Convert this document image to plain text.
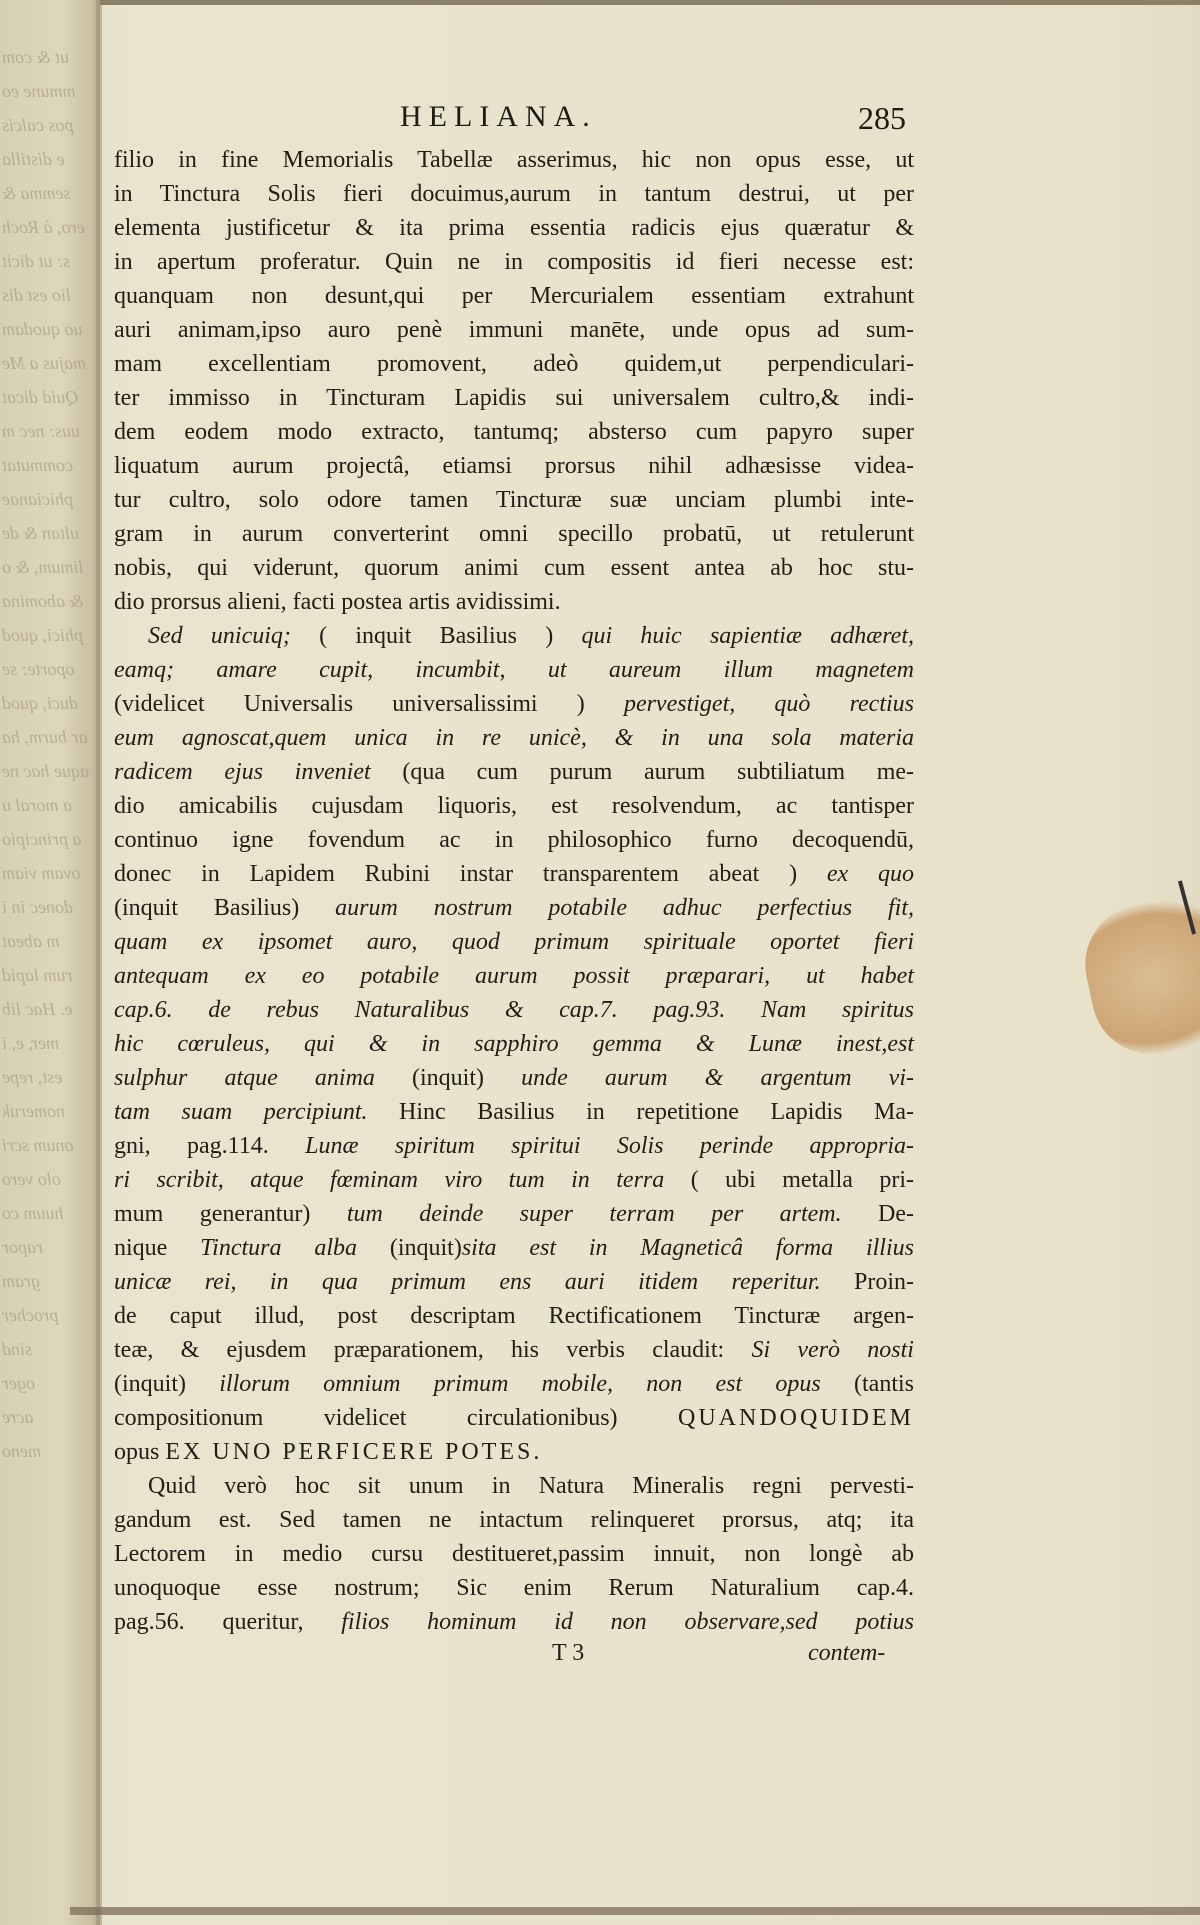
ut & com
mmune eo
pos calcis
e distilla
semma &
ero, à Roch
s: ut dicit
lio est dis
uo quodam
majus a Me
Quid dicat
uus: nec m
commutat
phicianae
ultan & de
limum, & o
& abomina
phici, quod
oporte: se
duci, quod
ar burm, ha
aque hac ne
a moral u
a principio
ovam viam
donec in i
m abeat
rum lapid
e. Hac lib
mer, e, i
est, repe
nomeruk
onum scri
olo vero
huum co
rapor
gram
procher
sind
oger
acre
meno
HELIANA.	285
filio in fine Memorialis Tabellæ asserimus, hic non opus esse, ut
in Tinctura Solis fieri docuimus,aurum in tantum destrui, ut per
elementa justificetur & ita prima essentia radicis ejus quæratur &
in apertum proferatur. Quin ne in compositis id fieri necesse est:
quanquam non desunt,qui per Mercurialem essentiam extrahunt
auri animam,ipso auro penè immuni manēte, unde opus ad sum-
mam excellentiam promovent, adeò quidem,ut perpendiculari-
ter immisso in Tincturam Lapidis sui universalem cultro,& indi-
dem eodem modo extracto, tantumq; absterso cum papyro super
liquatum aurum projectâ, etiamsi prorsus nihil adhæsisse videa-
tur cultro, solo odore tamen Tincturæ suæ unciam plumbi inte-
gram in aurum converterint omni specillo probatū, ut retulerunt
nobis, qui viderunt, quorum animi cum essent antea ab hoc stu-
dio prorsus alieni, facti postea artis avidissimi.
Sed unicuiq; ( inquit Basilius ) qui huic sapientiæ adhæret,
eamq; amare cupit, incumbit, ut aureum illum magnetem
(videlicet Universalis universalissimi ) pervestiget, quò rectius
eum agnoscat,quem unica in re unicè, & in una sola materia
radicem ejus inveniet (qua cum purum aurum subtiliatum me-
dio amicabilis cujusdam liquoris, est resolvendum, ac tantisper
continuo igne fovendum ac in philosophico furno decoquendū,
donec in Lapidem Rubini instar transparentem abeat ) ex quo
(inquit Basilius) aurum nostrum potabile adhuc perfectius fit,
quam ex ipsomet auro, quod primum spirituale oportet fieri
antequam ex eo potabile aurum possit præparari, ut habet
cap.6. de rebus Naturalibus & cap.7. pag.93. Nam spiritus
hic cœruleus, qui & in sapphiro gemma & Lunæ inest,est
sulphur atque anima (inquit) unde aurum & argentum vi-
tam suam percipiunt. Hinc Basilius in repetitione Lapidis Ma-
gni, pag.114. Lunæ spiritum spiritui Solis perinde appropria-
ri scribit, atque fœminam viro tum in terra ( ubi metalla pri-
mum generantur) tum deinde super terram per artem. De-
nique Tinctura alba (inquit)sita est in Magneticâ forma illius
unicæ rei, in qua primum ens auri itidem reperitur. Proin-
de caput illud, post descriptam Rectificationem Tincturæ argen-
teæ, & ejusdem præparationem, his verbis claudit: Si verò nosti
(inquit) illorum omnium primum mobile, non est opus (tantis
compositionum videlicet circulationibus) QUANDOQUIDEM
opus EX UNO PERFICERE POTES.
Quid verò hoc sit unum in Natura Mineralis regni pervesti-
gandum est. Sed tamen ne intactum relinqueret prorsus, atq; ita
Lectorem in medio cursu destitueret,passim innuit, non longè ab
unoquoque esse nostrum; Sic enim Rerum Naturalium cap.4.
pag.56. queritur, filios hominum id non observare,sed potius
T 3	contem-
